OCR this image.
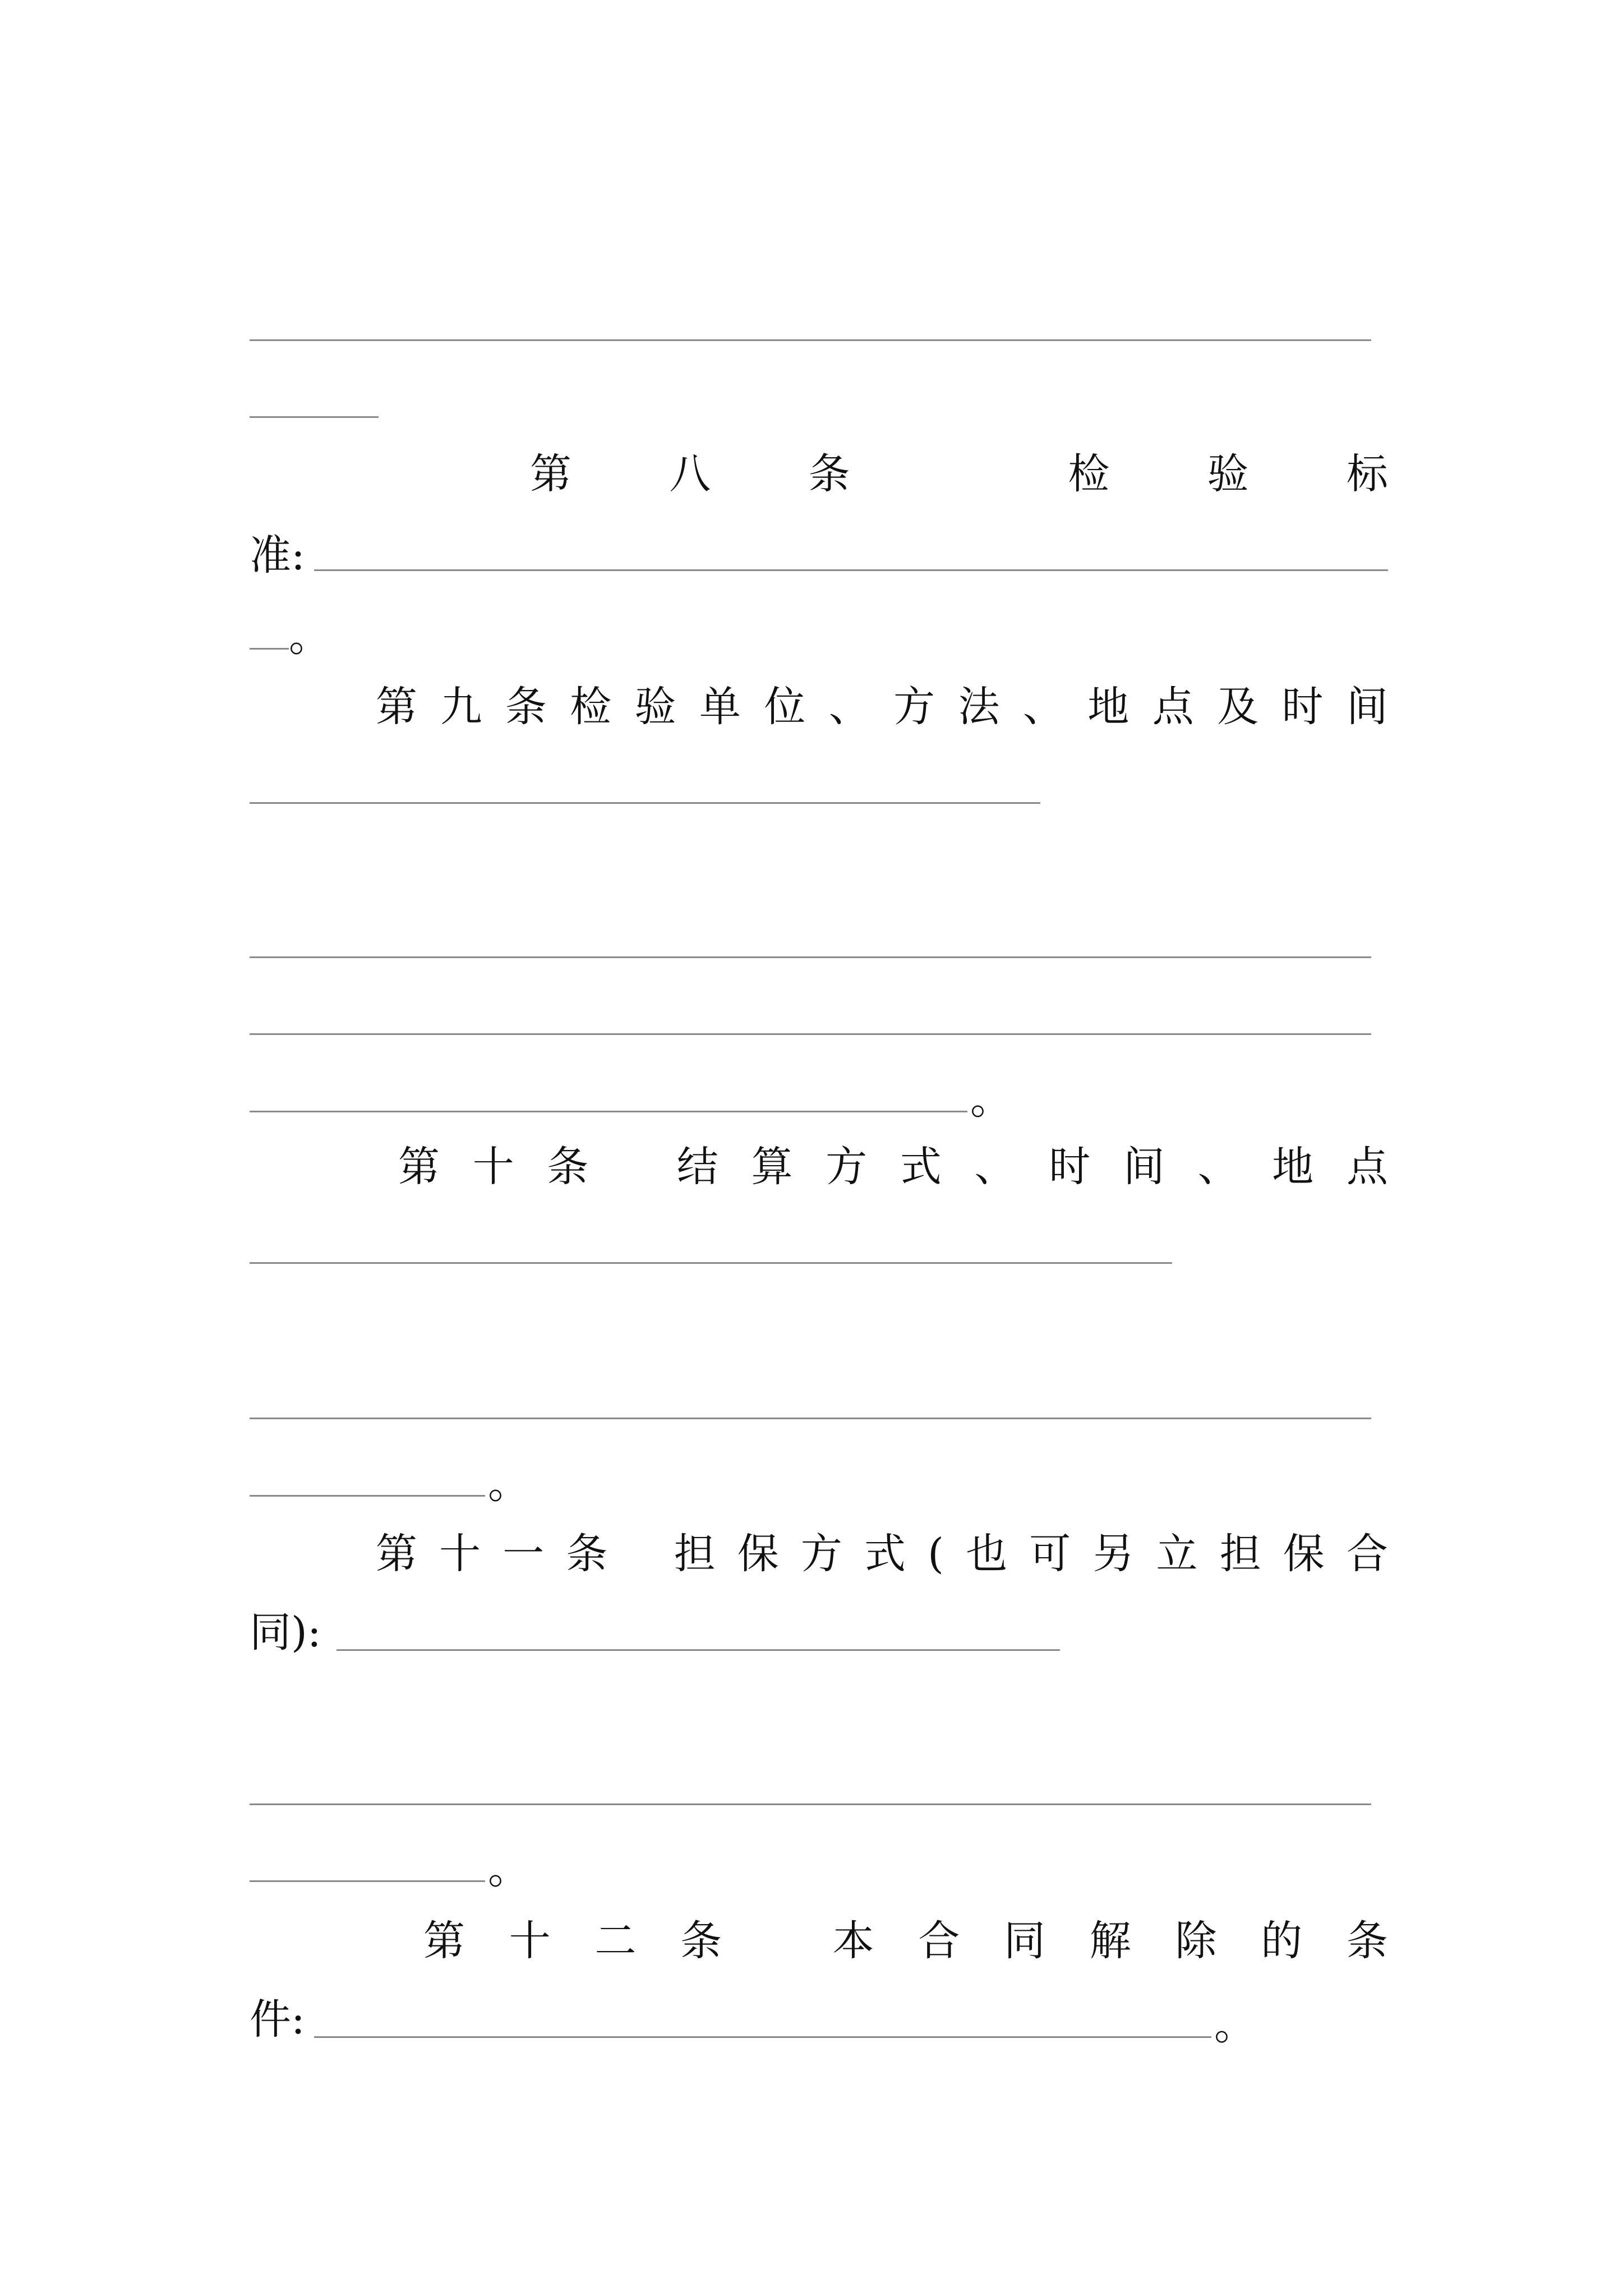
第 八 条	检 验 标
准:
。
第 九 条 检 验 单 位 、 方 法 、 地 点 及 时 间
。
第 十 条 结 算 方 式 、 时 间 、 地 点
。
第 十 一 条 担 保 方 式 ( 也 可 另 立 担 保 合
同):
。
第 十 二 条	本 合 同 解 除 的 条
件:	。
